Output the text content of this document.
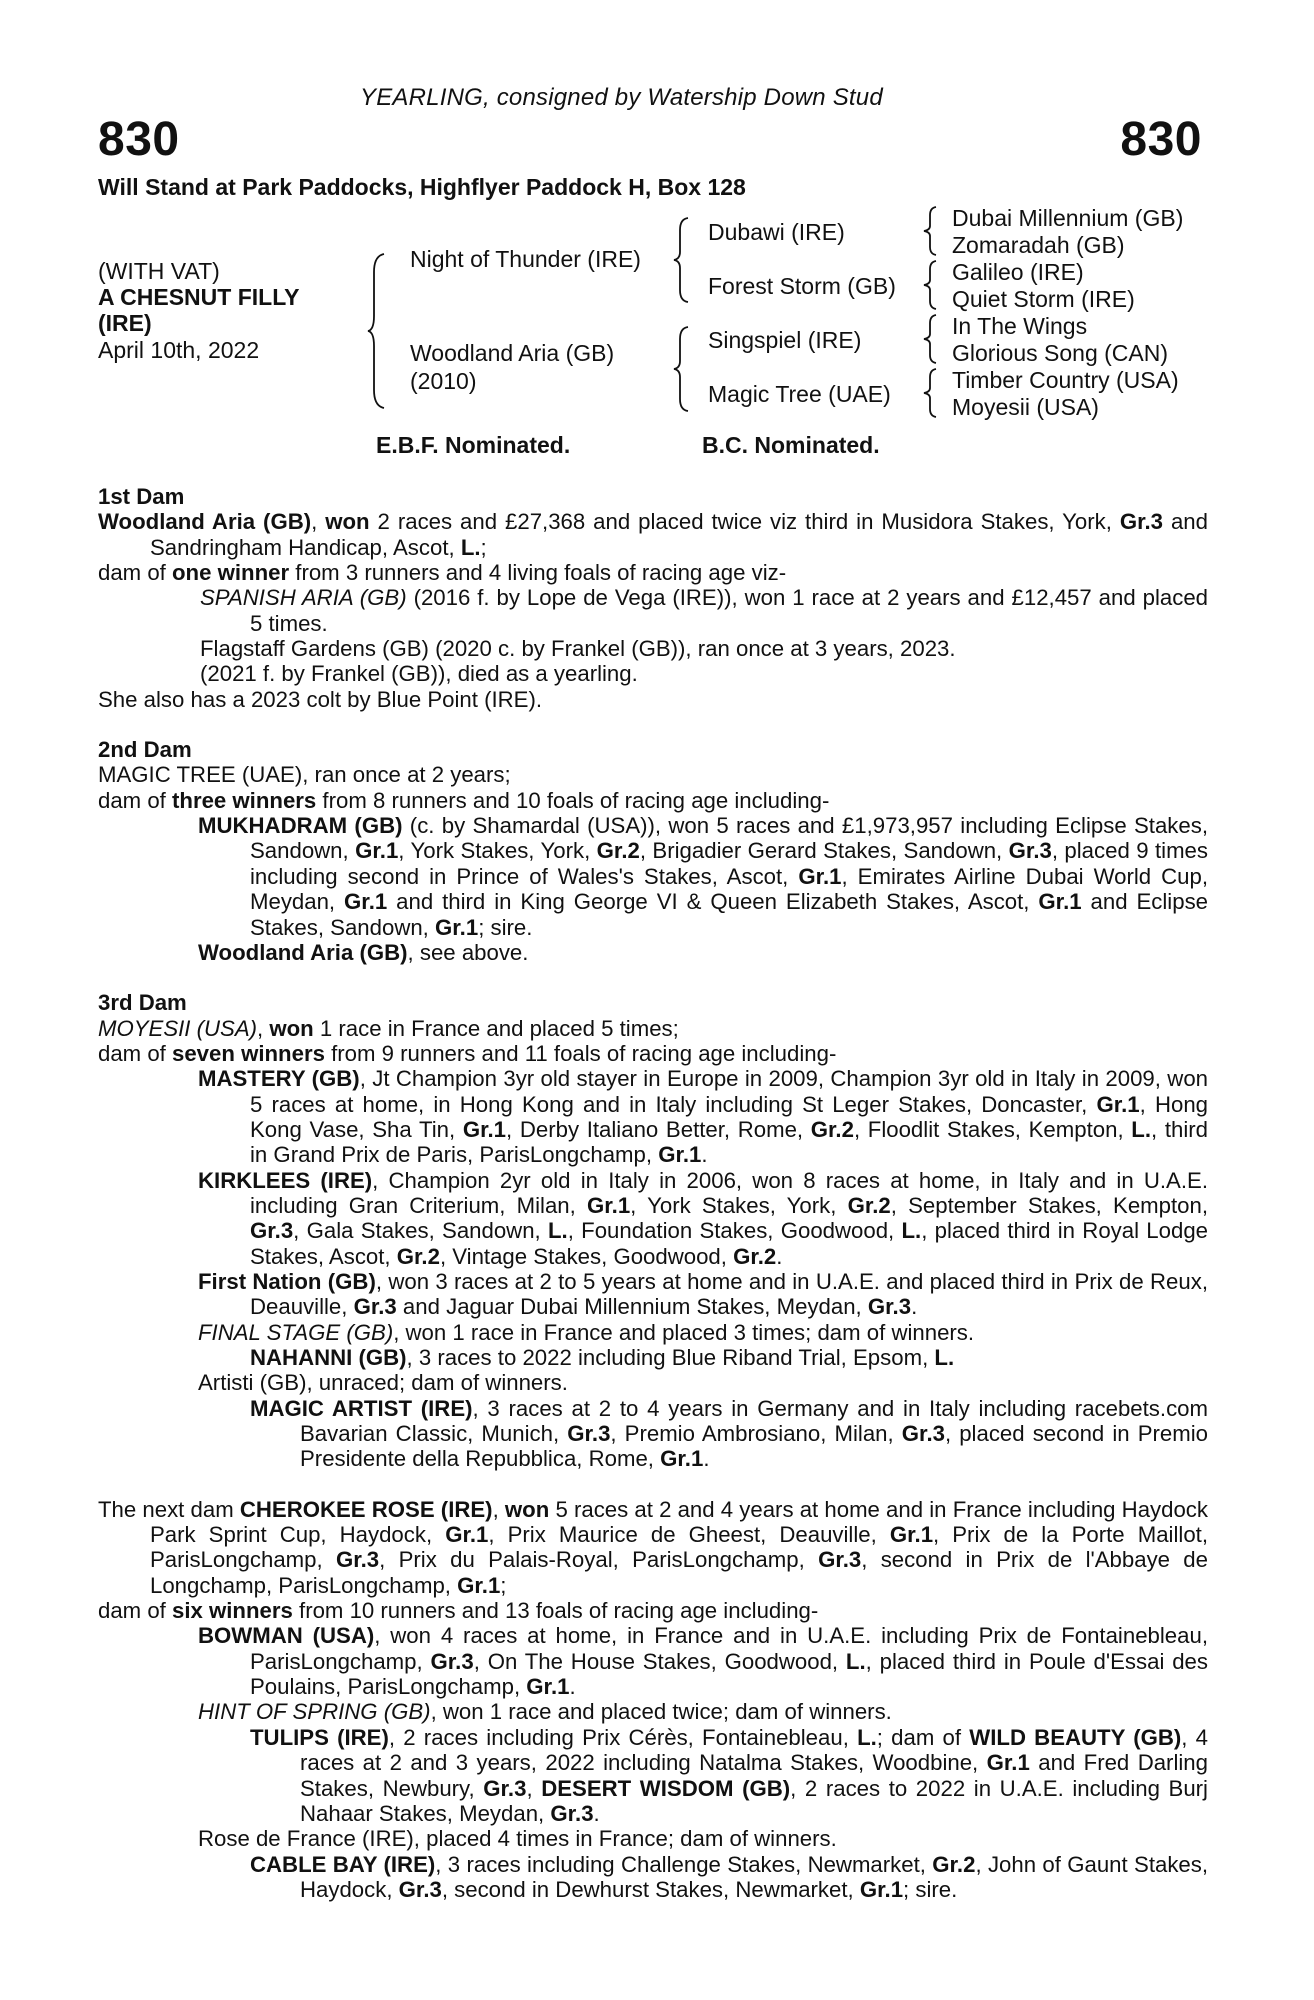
YEARLING, consigned by Watership Down Stud
830	830
Will Stand at Park Paddocks, Highflyer Paddock H, Box 128
(WITH VAT)
A CHESNUT FILLY
(IRE)
April 10th, 2022
Night of Thunder (IRE)
Woodland Aria (GB)
(2010)
Dubawi (IRE)
Forest Storm (GB)
Singspiel (IRE)
Magic Tree (UAE)
Dubai Millennium (GB)
Zomaradah (GB)
Galileo (IRE)
Quiet Storm (IRE)
In The Wings
Glorious Song (CAN)
Timber Country (USA)
Moyesii (USA)
E.B.F. Nominated.	B.C. Nominated.

1st Dam

Woodland Aria (GB), won 2 races and £27,368 and placed twice viz third in Musidora Stakes, York, Gr.3 and Sandringham Handicap, Ascot, L.;

dam of one winner from 3 runners and 4 living foals of racing age viz-

SPANISH ARIA (GB) (2016 f. by Lope de Vega (IRE)), won 1 race at 2 years and £12,457 and placed 5 times.

Flagstaff Gardens (GB) (2020 c. by Frankel (GB)), ran once at 3 years, 2023.

(2021 f. by Frankel (GB)), died as a yearling.

She also has a 2023 colt by Blue Point (IRE).

2nd Dam

MAGIC TREE (UAE), ran once at 2 years;

dam of three winners from 8 runners and 10 foals of racing age including-

MUKHADRAM (GB) (c. by Shamardal (USA)), won 5 races and £1,973,957 including Eclipse Stakes, Sandown, Gr.1, York Stakes, York, Gr.2, Brigadier Gerard Stakes, Sandown, Gr.3, placed 9 times including second in Prince of Wales's Stakes, Ascot, Gr.1, Emirates Airline Dubai World Cup, Meydan, Gr.1 and third in King George VI & Queen Elizabeth Stakes, Ascot, Gr.1 and Eclipse Stakes, Sandown, Gr.1; sire.

Woodland Aria (GB), see above.

3rd Dam

MOYESII (USA), won 1 race in France and placed 5 times;

dam of seven winners from 9 runners and 11 foals of racing age including-

MASTERY (GB), Jt Champion 3yr old stayer in Europe in 2009, Champion 3yr old in Italy in 2009, won 5 races at home, in Hong Kong and in Italy including St Leger Stakes, Doncaster, Gr.1, Hong Kong Vase, Sha Tin, Gr.1, Derby Italiano Better, Rome, Gr.2, Floodlit Stakes, Kempton, L., third in Grand Prix de Paris, ParisLongchamp, Gr.1.

KIRKLEES (IRE), Champion 2yr old in Italy in 2006, won 8 races at home, in Italy and in U.A.E. including Gran Criterium, Milan, Gr.1, York Stakes, York, Gr.2, September Stakes, Kempton, Gr.3, Gala Stakes, Sandown, L., Foundation Stakes, Goodwood, L., placed third in Royal Lodge Stakes, Ascot, Gr.2, Vintage Stakes, Goodwood, Gr.2.

First Nation (GB), won 3 races at 2 to 5 years at home and in U.A.E. and placed third in Prix de Reux, Deauville, Gr.3 and Jaguar Dubai Millennium Stakes, Meydan, Gr.3.

FINAL STAGE (GB), won 1 race in France and placed 3 times; dam of winners.

NAHANNI (GB), 3 races to 2022 including Blue Riband Trial, Epsom, L.

Artisti (GB), unraced; dam of winners.

MAGIC ARTIST (IRE), 3 races at 2 to 4 years in Germany and in Italy including racebets.com Bavarian Classic, Munich, Gr.3, Premio Ambrosiano, Milan, Gr.3, placed second in Premio Presidente della Repubblica, Rome, Gr.1.

The next dam CHEROKEE ROSE (IRE), won 5 races at 2 and 4 years at home and in France including Haydock Park Sprint Cup, Haydock, Gr.1, Prix Maurice de Gheest, Deauville, Gr.1, Prix de la Porte Maillot, ParisLongchamp, Gr.3, Prix du Palais-Royal, ParisLongchamp, Gr.3, second in Prix de l'Abbaye de Longchamp, ParisLongchamp, Gr.1;

dam of six winners from 10 runners and 13 foals of racing age including-

BOWMAN (USA), won 4 races at home, in France and in U.A.E. including Prix de Fontainebleau, ParisLongchamp, Gr.3, On The House Stakes, Goodwood, L., placed third in Poule d'Essai des Poulains, ParisLongchamp, Gr.1.

HINT OF SPRING (GB), won 1 race and placed twice; dam of winners.

TULIPS (IRE), 2 races including Prix Cérès, Fontainebleau, L.; dam of WILD BEAUTY (GB), 4 races at 2 and 3 years, 2022 including Natalma Stakes, Woodbine, Gr.1 and Fred Darling Stakes, Newbury, Gr.3, DESERT WISDOM (GB), 2 races to 2022 in U.A.E. including Burj Nahaar Stakes, Meydan, Gr.3.

Rose de France (IRE), placed 4 times in France; dam of winners.

CABLE BAY (IRE), 3 races including Challenge Stakes, Newmarket, Gr.2, John of Gaunt Stakes, Haydock, Gr.3, second in Dewhurst Stakes, Newmarket, Gr.1; sire.
